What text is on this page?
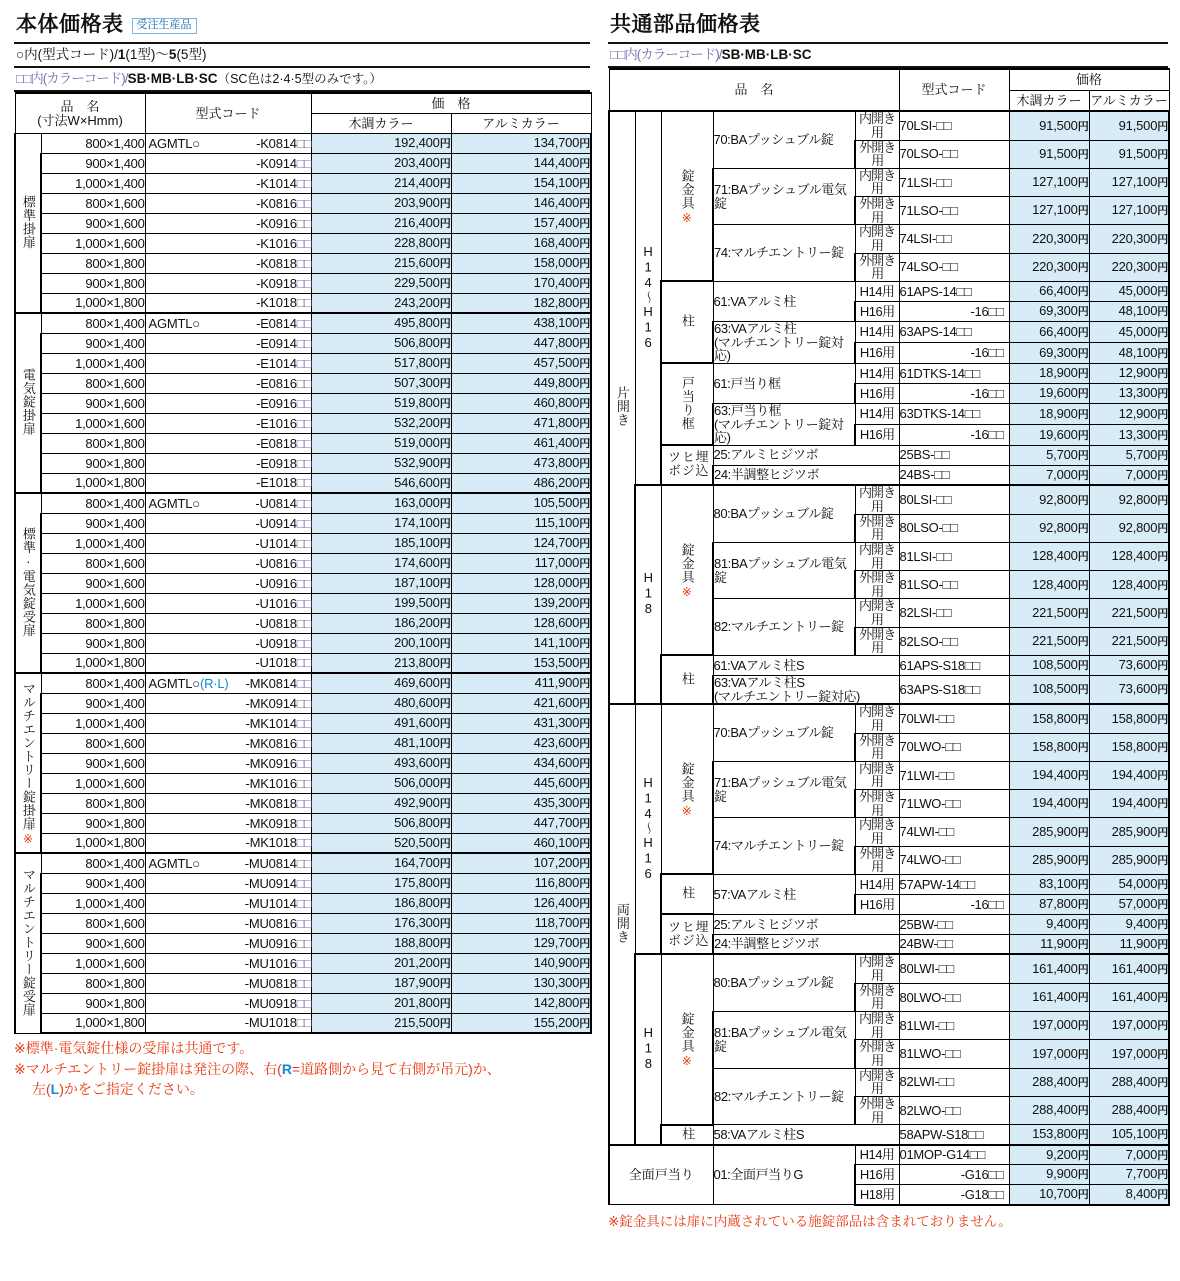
本体価格表	受注生産品
○内(型式コード)/1(1型)～5(5型)
□□内(カラーコード)/SB·MB·LB·SC（SC色は2·4·5型のみです。）
品　名
(寸法W×Hmm)		型式コード	価　格	
			木調カラー	アルミカラー
標準掛扉	800×1,400	AGMTL○ -K0814□□	192,400円	134,700円
	900×1,400	-K0914□□	203,400円	144,400円
	1,000×1,400	-K1014□□	214,400円	154,100円
	800×1,600	-K0816□□	203,900円	146,400円
	900×1,600	-K0916□□	216,400円	157,400円
	1,000×1,600	-K1016□□	228,800円	168,400円
	800×1,800	-K0818□□	215,600円	158,000円
	900×1,800	-K0918□□	229,500円	170,400円
	1,000×1,800	-K1018□□	243,200円	182,800円
電気錠掛扉	800×1,400	AGMTL○ -E0814□□	495,800円	438,100円
	900×1,400	-E0914□□	506,800円	447,800円
	1,000×1,400	-E1014□□	517,800円	457,500円
	800×1,600	-E0816□□	507,300円	449,800円
	900×1,600	-E0916□□	519,800円	460,800円
	1,000×1,600	-E1016□□	532,200円	471,800円
	800×1,800	-E0818□□	519,000円	461,400円
	900×1,800	-E0918□□	532,900円	473,800円
	1,000×1,800	-E1018□□	546,600円	486,200円
標準·電気錠受扉	800×1,400	AGMTL○ -U0814□□	163,000円	105,500円
	900×1,400	-U0914□□	174,100円	115,100円
	1,000×1,400	-U1014□□	185,100円	124,700円
	800×1,600	-U0816□□	174,600円	117,000円
	900×1,600	-U0916□□	187,100円	128,000円
	1,000×1,600	-U1016□□	199,500円	139,200円
	800×1,800	-U0818□□	186,200円	128,600円
	900×1,800	-U0918□□	200,100円	141,100円
	1,000×1,800	-U1018□□	213,800円	153,500円
マルチエントリー錠掛扉
※	800×1,400	AGMTL○(R·L) -MK0814□□	469,600円	411,900円
	900×1,400	-MK0914□□	480,600円	421,600円
	1,000×1,400	-MK1014□□	491,600円	431,300円
	800×1,600	-MK0816□□	481,100円	423,600円
	900×1,600	-MK0916□□	493,600円	434,600円
	1,000×1,600	-MK1016□□	506,000円	445,600円
	800×1,800	-MK0818□□	492,900円	435,300円
	900×1,800	-MK0918□□	506,800円	447,700円
	1,000×1,800	-MK1018□□	520,500円	460,100円
マルチエントリー錠受扉	800×1,400	AGMTL○ -MU0814□□	164,700円	107,200円
	900×1,400	-MU0914□□	175,800円	116,800円
	1,000×1,400	-MU1014□□	186,800円	126,400円
	800×1,600	-MU0816□□	176,300円	118,700円
	900×1,600	-MU0916□□	188,800円	129,700円
	1,000×1,600	-MU1016□□	201,200円	140,900円
	800×1,800	-MU0818□□	187,900円	130,300円
	900×1,800	-MU0918□□	201,800円	142,800円
	1,000×1,800	-MU1018□□	215,500円	155,200円
※標準·電気錠仕様の受扉は共通です。
※マルチエントリー錠掛扉は発注の際、右(R=道路側から見て右側が吊元)か、
左(L)かをご指定ください。
共通部品価格表
□□内(カラーコード)/SB·MB·LB·SC
品　名					型式コード	価格	
						木調カラー	アルミカラー
片開き	H14～H16	錠金具
※	70:BAプッシュブル錠	内開き用	70LSI-□□	91,500円	91,500円
				外開き用	70LSO-□□	91,500円	91,500円
			71:BAプッシュブル電気錠	内開き用	71LSI-□□	127,100円	127,100円
				外開き用	71LSO-□□	127,100円	127,100円
			74:マルチエントリー錠	内開き用	74LSI-□□	220,300円	220,300円
				外開き用	74LSO-□□	220,300円	220,300円
		柱	61:VAアルミ柱	H14用	61APS-14□□	66,400円	45,000円
				H16用	-16□□	69,300円	48,100円
			63:VAアルミ柱
(マルチエントリー錠対応)	H14用	63APS-14□□	66,400円	45,000円
				H16用	-16□□	69,300円	48,100円
		戸当り框	61:戸当り框	H14用	61DTKS-14□□	18,900円	12,900円
				H16用	-16□□	19,600円	13,300円
			63:戸当り框
(マルチエントリー錠対応)	H14用	63DTKS-14□□	18,900円	12,900円
				H16用	-16□□	19,600円	13,300円
		埋込ヒジツボ	25:アルミヒジツボ		25BS-□□	5,700円	5,700円
			24:半調整ヒジツボ		24BS-□□	7,000円	7,000円
	H18	錠金具
※	80:BAプッシュブル錠	内開き用	80LSI-□□	92,800円	92,800円
				外開き用	80LSO-□□	92,800円	92,800円
			81:BAプッシュブル電気錠	内開き用	81LSI-□□	128,400円	128,400円
				外開き用	81LSO-□□	128,400円	128,400円
			82:マルチエントリー錠	内開き用	82LSI-□□	221,500円	221,500円
				外開き用	82LSO-□□	221,500円	221,500円
		柱	61:VAアルミ柱S		61APS-S18□□	108,500円	73,600円
			63:VAアルミ柱S
(マルチエントリー錠対応)		63APS-S18□□	108,500円	73,600円
両開き	H14～H16	錠金具
※	70:BAプッシュブル錠	内開き用	70LWI-□□	158,800円	158,800円
				外開き用	70LWO-□□	158,800円	158,800円
			71:BAプッシュブル電気錠	内開き用	71LWI-□□	194,400円	194,400円
				外開き用	71LWO-□□	194,400円	194,400円
			74:マルチエントリー錠	内開き用	74LWI-□□	285,900円	285,900円
				外開き用	74LWO-□□	285,900円	285,900円
		柱	57:VAアルミ柱	H14用	57APW-14□□	83,100円	54,000円
				H16用	-16□□	87,800円	57,000円
		埋込ヒジツボ	25:アルミヒジツボ		25BW-□□	9,400円	9,400円
			24:半調整ヒジツボ		24BW-□□	11,900円	11,900円
	H18	錠金具
※	80:BAプッシュブル錠	内開き用	80LWI-□□	161,400円	161,400円
				外開き用	80LWO-□□	161,400円	161,400円
			81:BAプッシュブル電気錠	内開き用	81LWI-□□	197,000円	197,000円
				外開き用	81LWO-□□	197,000円	197,000円
			82:マルチエントリー錠	内開き用	82LWI-□□	288,400円	288,400円
				外開き用	82LWO-□□	288,400円	288,400円
		柱	58:VAアルミ柱S		58APW-S18□□	153,800円	105,100円
全面戸当り			01:全面戸当りG	H14用	01MOP-G14□□	9,200円	7,000円
				H16用	-G16□□	9,900円	7,700円
				H18用	-G18□□	10,700円	8,400円
※錠金具には扉に内蔵されている施錠部品は含まれておりません。
